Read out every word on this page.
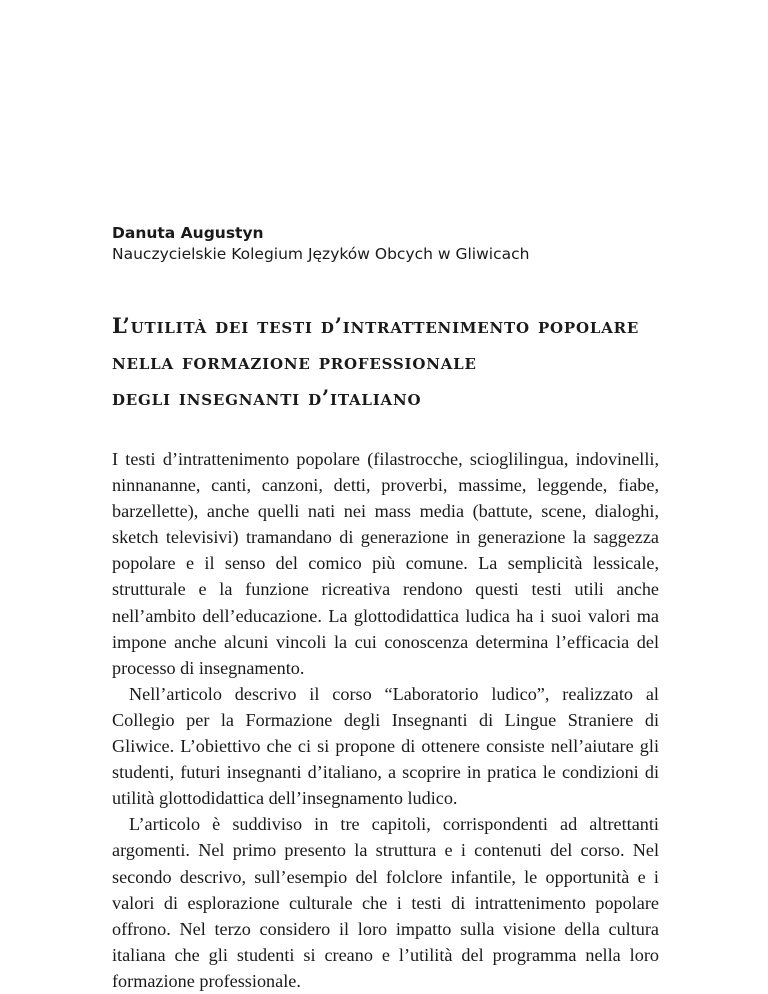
Danuta Augustyn
Nauczycielskie Kolegium Języków Obcych w Gliwicach
L’utilità dei testi d’intrattenimento popolare
nella formazione professionale
degli insegnanti d’italiano

I testi d’intrattenimento popolare (filastrocche, scioglilingua, indovinelli, ninnananne, canti, canzoni, detti, proverbi, massime, leggende, fiabe, barzellette), anche quelli nati nei mass media (battute, scene, dialoghi, sketch televisivi) tramandano di generazione in generazione la saggezza popolare e il senso del comico più comune. La semplicità lessicale, strutturale e la funzione ricreativa rendono questi testi utili anche nell’ambito dell’educazione. La glottodidattica ludica ha i suoi valori ma impone anche alcuni vincoli la cui conoscenza determina l’efficacia del processo di insegnamento.

Nell’articolo descrivo il corso “Laboratorio ludico”, realizzato al Collegio per la Formazione degli Insegnanti di Lingue Straniere di Gliwice. L’obiettivo che ci si propone di ottenere consiste nell’aiutare gli studenti, futuri insegnanti d’italiano, a scoprire in pratica le condizioni di utilità glottodidattica dell’insegnamento ludico.

L’articolo è suddiviso in tre capitoli, corrispondenti ad altrettanti argomenti. Nel primo presento la struttura e i contenuti del corso. Nel secondo descrivo, sull’esempio del folclore infantile, le opportunità e i valori di esplorazione culturale che i testi di intrattenimento popolare offrono. Nel terzo considero il loro impatto sulla visione della cultura italiana che gli studenti si creano e l’utilità del programma nella loro formazione professionale.
